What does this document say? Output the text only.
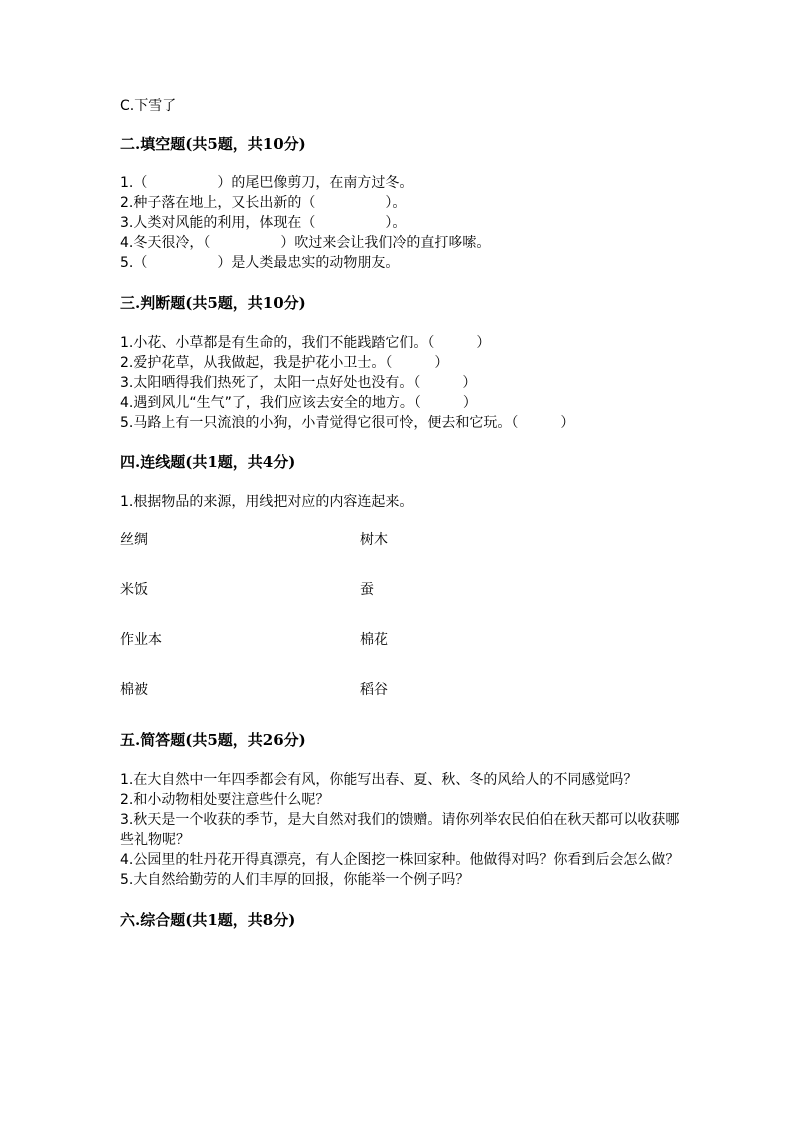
C.下雪了
二.填空题(共5题，共10分)
1.（　　　　　）的尾巴像剪刀，在南方过冬。
2.种子落在地上，又长出新的（　　　　　）。
3.人类对风能的利用，体现在（　　　　　）。
4.冬天很冷，（　　　　　）吹过来会让我们冷的直打哆嗦。
5.（　　　　　）是人类最忠实的动物朋友。
三.判断题(共5题，共10分)
1.小花、小草都是有生命的，我们不能践踏它们。（　　　）
2.爱护花草，从我做起，我是护花小卫士。（　　　）
3.太阳晒得我们热死了，太阳一点好处也没有。（　　　）
4.遇到风儿“生气”了，我们应该去安全的地方。（　　　）
5.马路上有一只流浪的小狗，小青觉得它很可怜，便去和它玩。（　　　）
四.连线题(共1题，共4分)
1.根据物品的来源，用线把对应的内容连起来。
丝绸
米饭
作业本
棉被
树木
蚕
棉花
稻谷
五.简答题(共5题，共26分)
1.在大自然中一年四季都会有风，你能写出春、夏、秋、冬的风给人的不同感觉吗？
2.和小动物相处要注意些什么呢？
3.秋天是一个收获的季节，是大自然对我们的馈赠。请你列举农民伯伯在秋天都可以收获哪些礼物呢？
4.公园里的牡丹花开得真漂亮，有人企图挖一株回家种。他做得对吗？你看到后会怎么做？
5.大自然给勤劳的人们丰厚的回报，你能举一个例子吗？
六.综合题(共1题，共8分)
